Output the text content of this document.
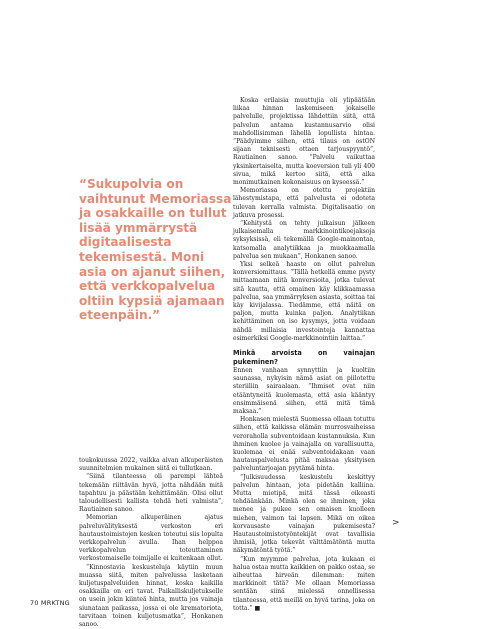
“Sukupolvia on vaihtunut Memoriassa ja osakkaille on tullut lisää ymmärrystä digitaalisesta tekemisestä. Moni asia on ajanut siihen, että verkkopalvelua oltiin kypsiä ajamaan eteenpäin.”

toukokuussa 2022, vaikka aivan alkuperäisten suunnitelmien mukainen siitä ei tullutkaan.

“Siinä tilanteessa oli parempi lähteä tekemään riittävän hyvä, jotta nähdään mitä tapahtuu ja päästään kehittämään. Olisi ollut taloudellisesti kallista tehdä heti valmista”, Rautiainen sanoo.

Memorian alkuperäinen ajatus palveluvälityksestä verkoston eri hautaustoimistojen kesken toteutui siis lopulta verkkopalvelun avulla. Ihan helppoa verkkopalvelun toteuttaminen verkostomaiselle toimijalle ei kuitenkaan ollut.

“Kinnostavia keskusteluja käytiin muun muassa siitä, miten palvelussa lasketaan kuljetuspalveluiden hinnat, koska kaikilla osakkailla on eri tavat. Paikalliskuljetukselle on usein jokin kiinteä hinta, mutta jos vainaja siunataan paikassa, jossa ei ole krematoriota, tarvitaan toinen kuljetusmatka”, Honkanen sanoo.

Koska erilaisia muuttujia oli ylipäätään liikaa hinnan laskemiseen jokaiselle palvelulle, projektissa lähdettiin siitä, että palvelun antama kustannusarvio olisi mahdollisimman lähellä lopullista hintaa. “Päädyimme siihen, että tilaus on ostON sijaan teknisesti ottaen tarjouspyyntö”, Rautiainen sanoo. “Palvelu vaikuttaa yksinkertaiselta, mutta koeversion tuli yli 400 sivua, mikä kertoo siitä, että aika monimutkainen kokonaisuus on kyseessä.”

Memoriassa on otettu projektiin lähestymistapa, että palvelusta ei odoteta tulevan kerralla valmista. Digitalisaatio on jatkuva prosessi.

“Kehitystä on tehty julkaisun jälkeen julkaisemalla markkinointikoejaksoja syksyksissä, eli tekemällä Google-mainontaa, katsomalla analytiikkaa ja muokkaamalla palvelua sen mukaan”, Honkanen sanoo.

Yksi selkeä haaste on ollut palvelun konversiomittaus. “Tällä hetkellä emme pysty mittaamaan niitä konversioita, jotka tulevat sitä kautta, että omainen käy klikkaamassa palvelua, saa ymmärryksen asiasta, soittaa tai käy kivijalassa. Tiedämme, että näitä on paljon, mutta kuinka paljon. Analytiikan kehittäminen on iso kysymys, jotta voidaan nähdä millaisia investointeja kannattaa esimerkiksi Google-markkinointiin laittaa.”

Minkä arvoista on vainajan pukeminen?

Ennen vanhaan synnyttiin ja kuoltiin saunassa, nykyisin nämä asiat on piilotettu steriiliin sairaalaan. “Ihmiset ovat niin etääntyneitä kuolemasta, että asia kääntyy ensimmäisenä siihen, että mitä tämä maksaa.”

Honkasen mielestä Suomessa ollaan totuttu siihen, että kaikissa elämän murrosvaiheissa veroraholla subventoidaan kustannuksia. Kun ihminen kuolee ja vainajalla on varallisuutta, kuolemaa ei enää subventoidakaan vaan hautauspalvelusta pitää maksaa yksityisen palveluntarjoajan pyytämä hinta.

“Julkisuudessa keskustelu keskittyy palvelun hintaan, jota pidetään kalliina. Mutta mietipä, mitä tässä oikeasti tehdäänkään. Minkä olen se ihminen, joka menee ja pukee sen omaisen kuolleen miehen, vaimon tai lapsen. Mikä on oikea korvausaste vainajan pukemisesta? Hautaustoimistotyöntekijät ovat tavallisia ihmisiä, jotka tekevät välttämätöntä mutta näkymätöntä työtä.”

“Kun myymme palvelua, jota kukaan ei halua ostaa mutta kaikkien on pakko ostaa, se aiheuttaa hirveän dilemman: miten markkinoit tätä? Me ollaan Memoriassa sentään siinä mielessä onnellisessa tilanteessa, että meillä on hyvä tarina, joka on totta.” ■

>
70 MRKTNG
